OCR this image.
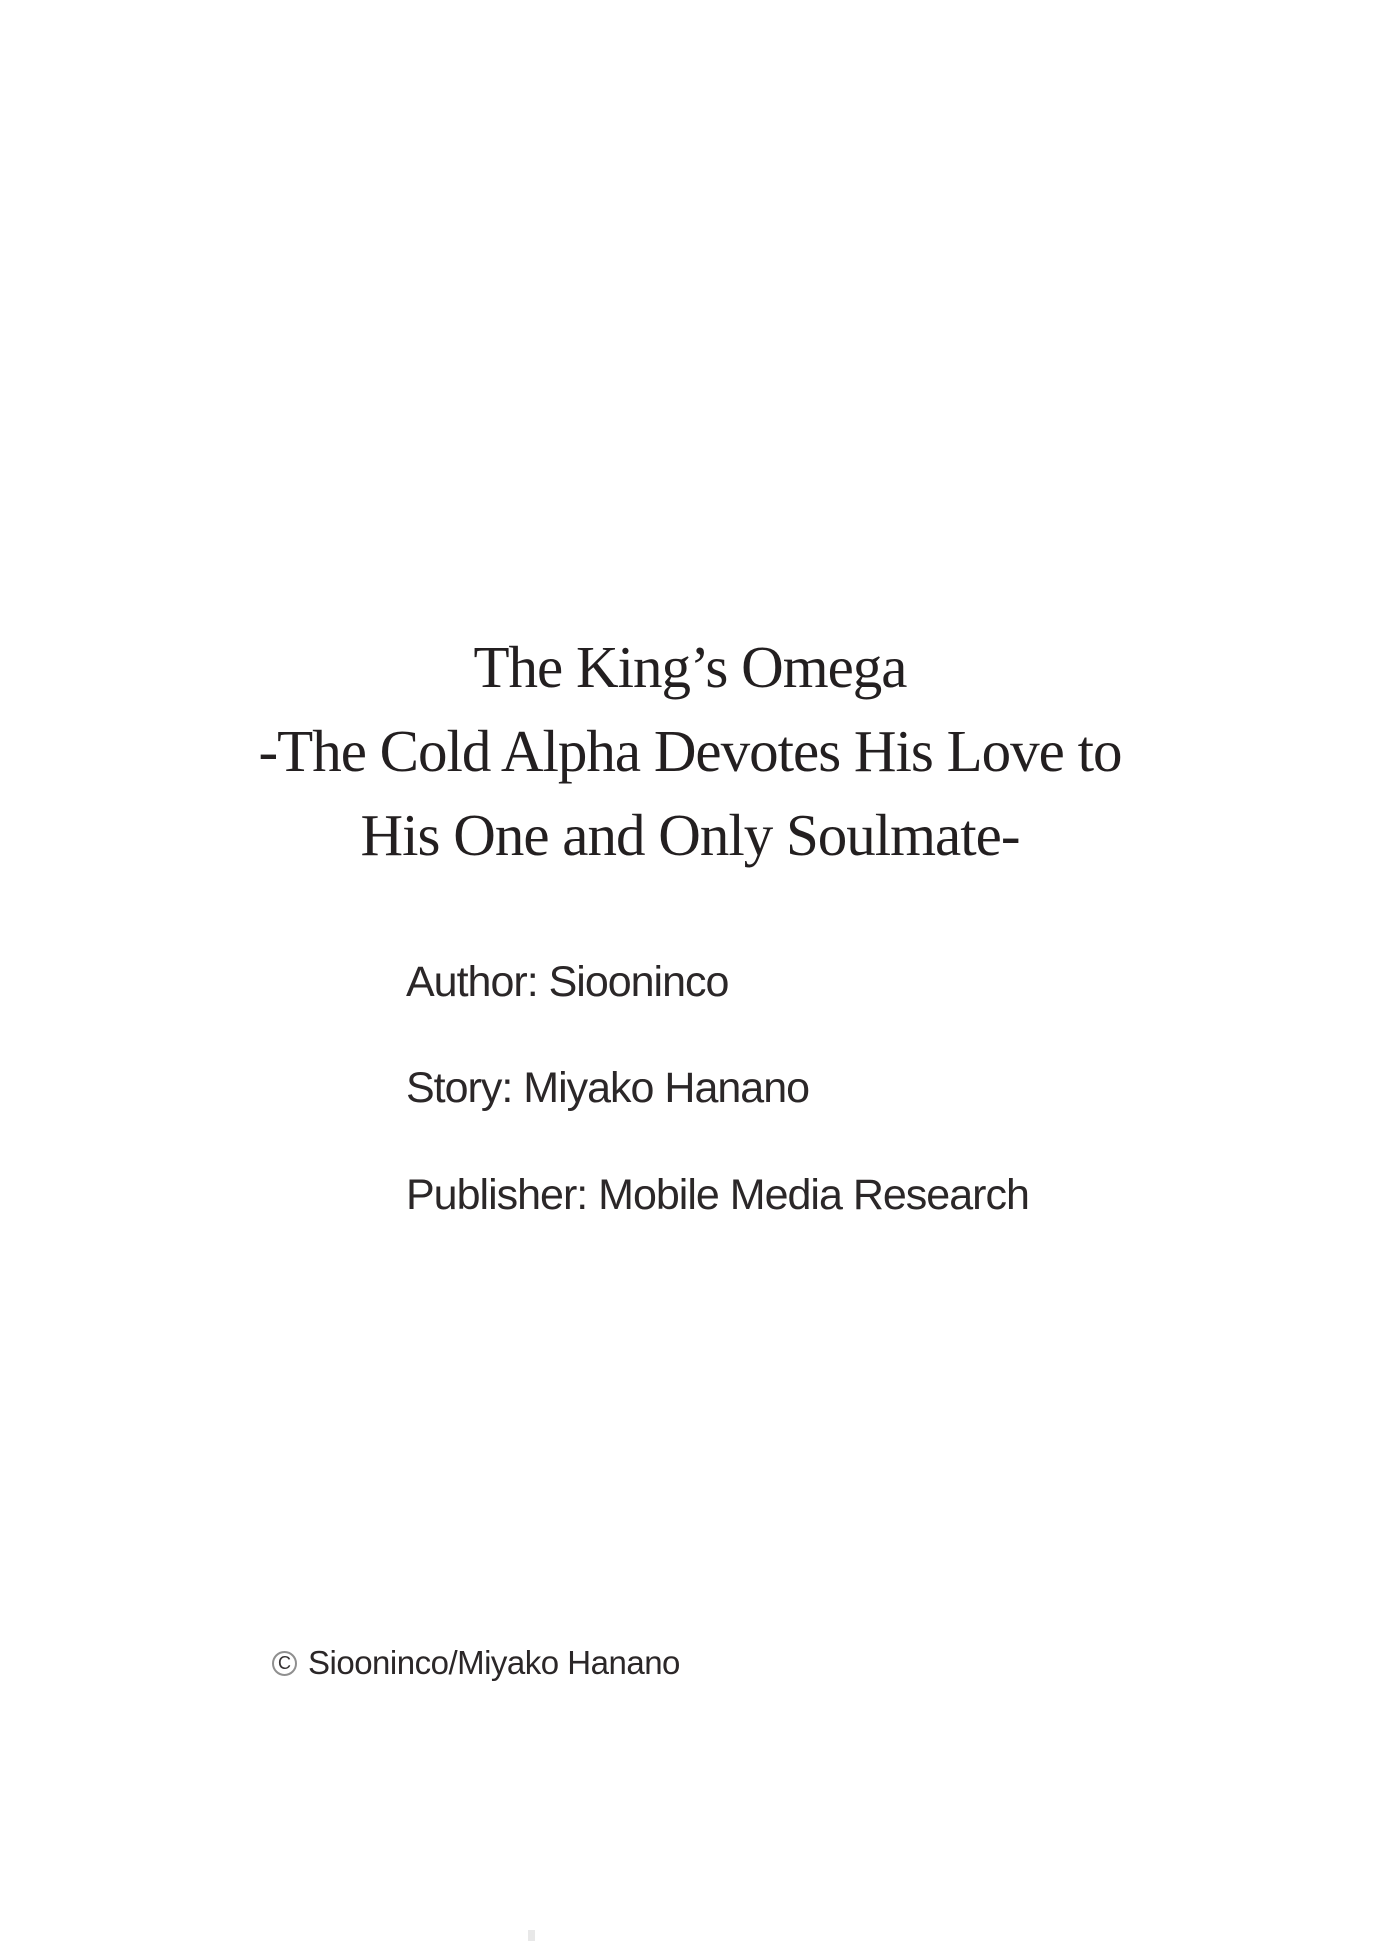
The King’s Omega
-The Cold Alpha Devotes His Love to
His One and Only Soulmate-
Author: Siooninco
Story: Miyako Hanano
Publisher: Mobile Media Research
C Siooninco/Miyako Hanano
